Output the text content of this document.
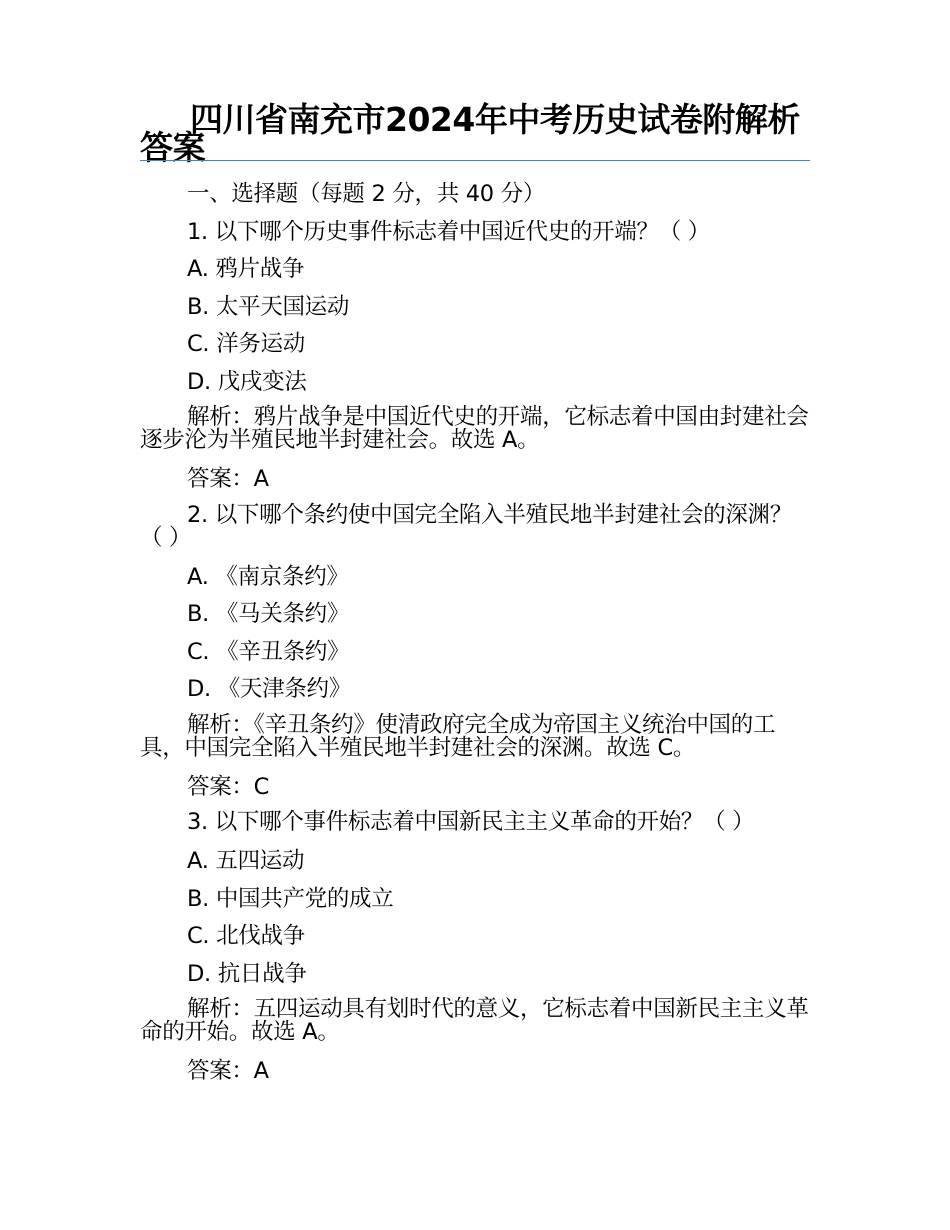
四川省南充市2024年中考历史试卷附解析答案
一、选择题（每题 2 分，共 40 分）
1. 以下哪个历史事件标志着中国近代史的开端？（ ）
A. 鸦片战争
B. 太平天国运动
C. 洋务运动
D. 戊戌变法
解析：鸦片战争是中国近代史的开端，它标志着中国由封建社会逐步沦为半殖民地半封建社会。故选 A。
答案：A
2. 以下哪个条约使中国完全陷入半殖民地半封建社会的深渊？（ ）
A. 《南京条约》
B. 《马关条约》
C. 《辛丑条约》
D. 《天津条约》
解析：《辛丑条约》使清政府完全成为帝国主义统治中国的工具，中国完全陷入半殖民地半封建社会的深渊。故选 C。
答案：C
3. 以下哪个事件标志着中国新民主主义革命的开始？（ ）
A. 五四运动
B. 中国共产党的成立
C. 北伐战争
D. 抗日战争
解析：五四运动具有划时代的意义，它标志着中国新民主主义革命的开始。故选 A。
答案：A
